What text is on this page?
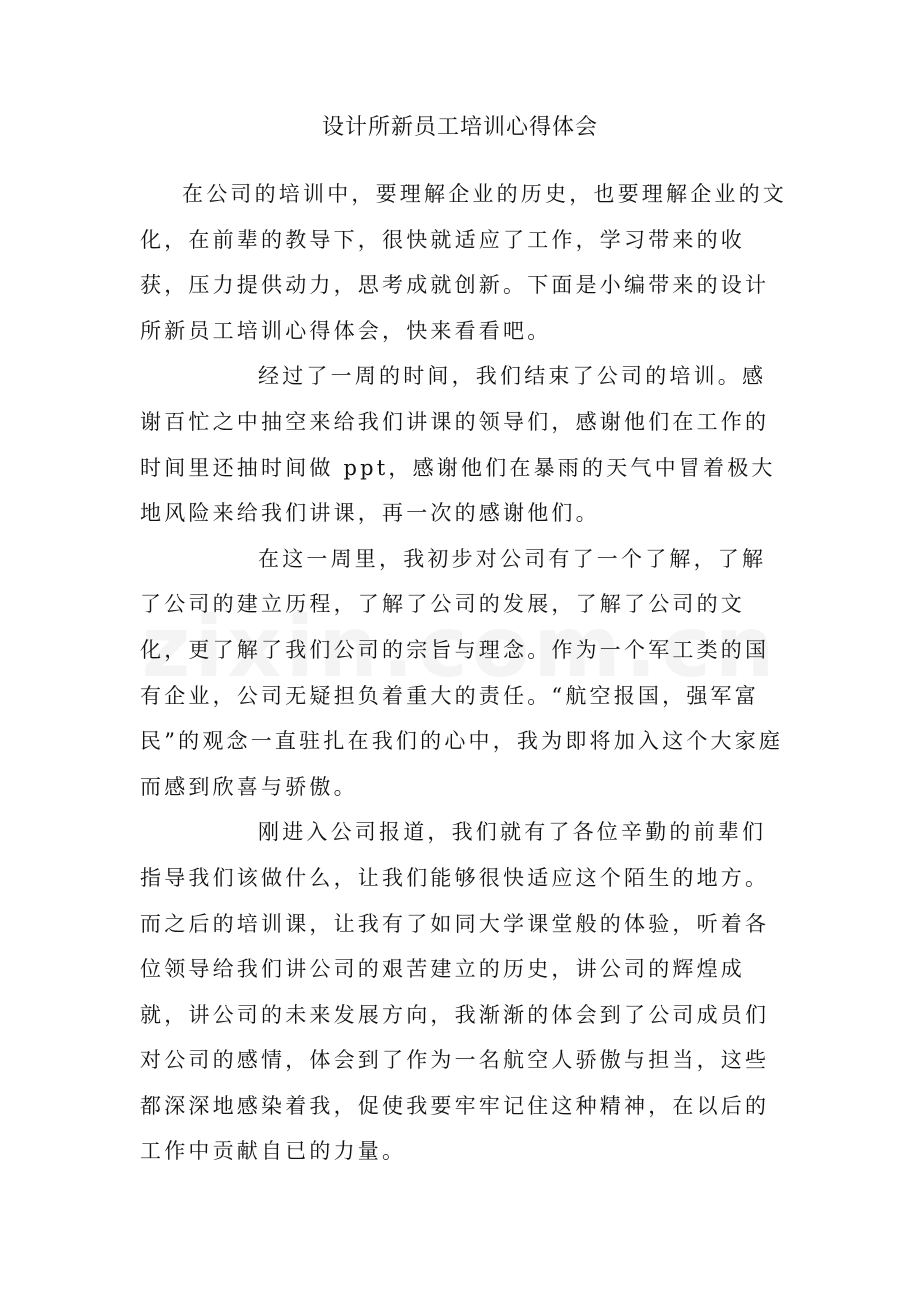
设计所新员工培训心得体会

在公司的培训中，要理解企业的历史，也要理解企业的文化，在前辈的教导下，很快就适应了工作，学习带来的收获，压力提供动力，思考成就创新。下面是小编带来的设计所新员工培训心得体会，快来看看吧。

经过了一周的时间，我们结束了公司的培训。感谢百忙之中抽空来给我们讲课的领导们，感谢他们在工作的时间里还抽时间做 ppt，感谢他们在暴雨的天气中冒着极大地风险来给我们讲课，再一次的感谢他们。

在这一周里，我初步对公司有了一个了解，了解了公司的建立历程，了解了公司的发展，了解了公司的文化，更了解了我们公司的宗旨与理念。作为一个军工类的国有企业，公司无疑担负着重大的责任。“航空报国，强军富民”的观念一直驻扎在我们的心中，我为即将加入这个大家庭而感到欣喜与骄傲。

刚进入公司报道，我们就有了各位辛勤的前辈们指导我们该做什么，让我们能够很快适应这个陌生的地方。而之后的培训课，让我有了如同大学课堂般的体验，听着各位领导给我们讲公司的艰苦建立的历史，讲公司的辉煌成就，讲公司的未来发展方向，我渐渐的体会到了公司成员们对公司的感情，体会到了作为一名航空人骄傲与担当，这些都深深地感染着我，促使我要牢牢记住这种精神，在以后的工作中贡献自已的力量。
